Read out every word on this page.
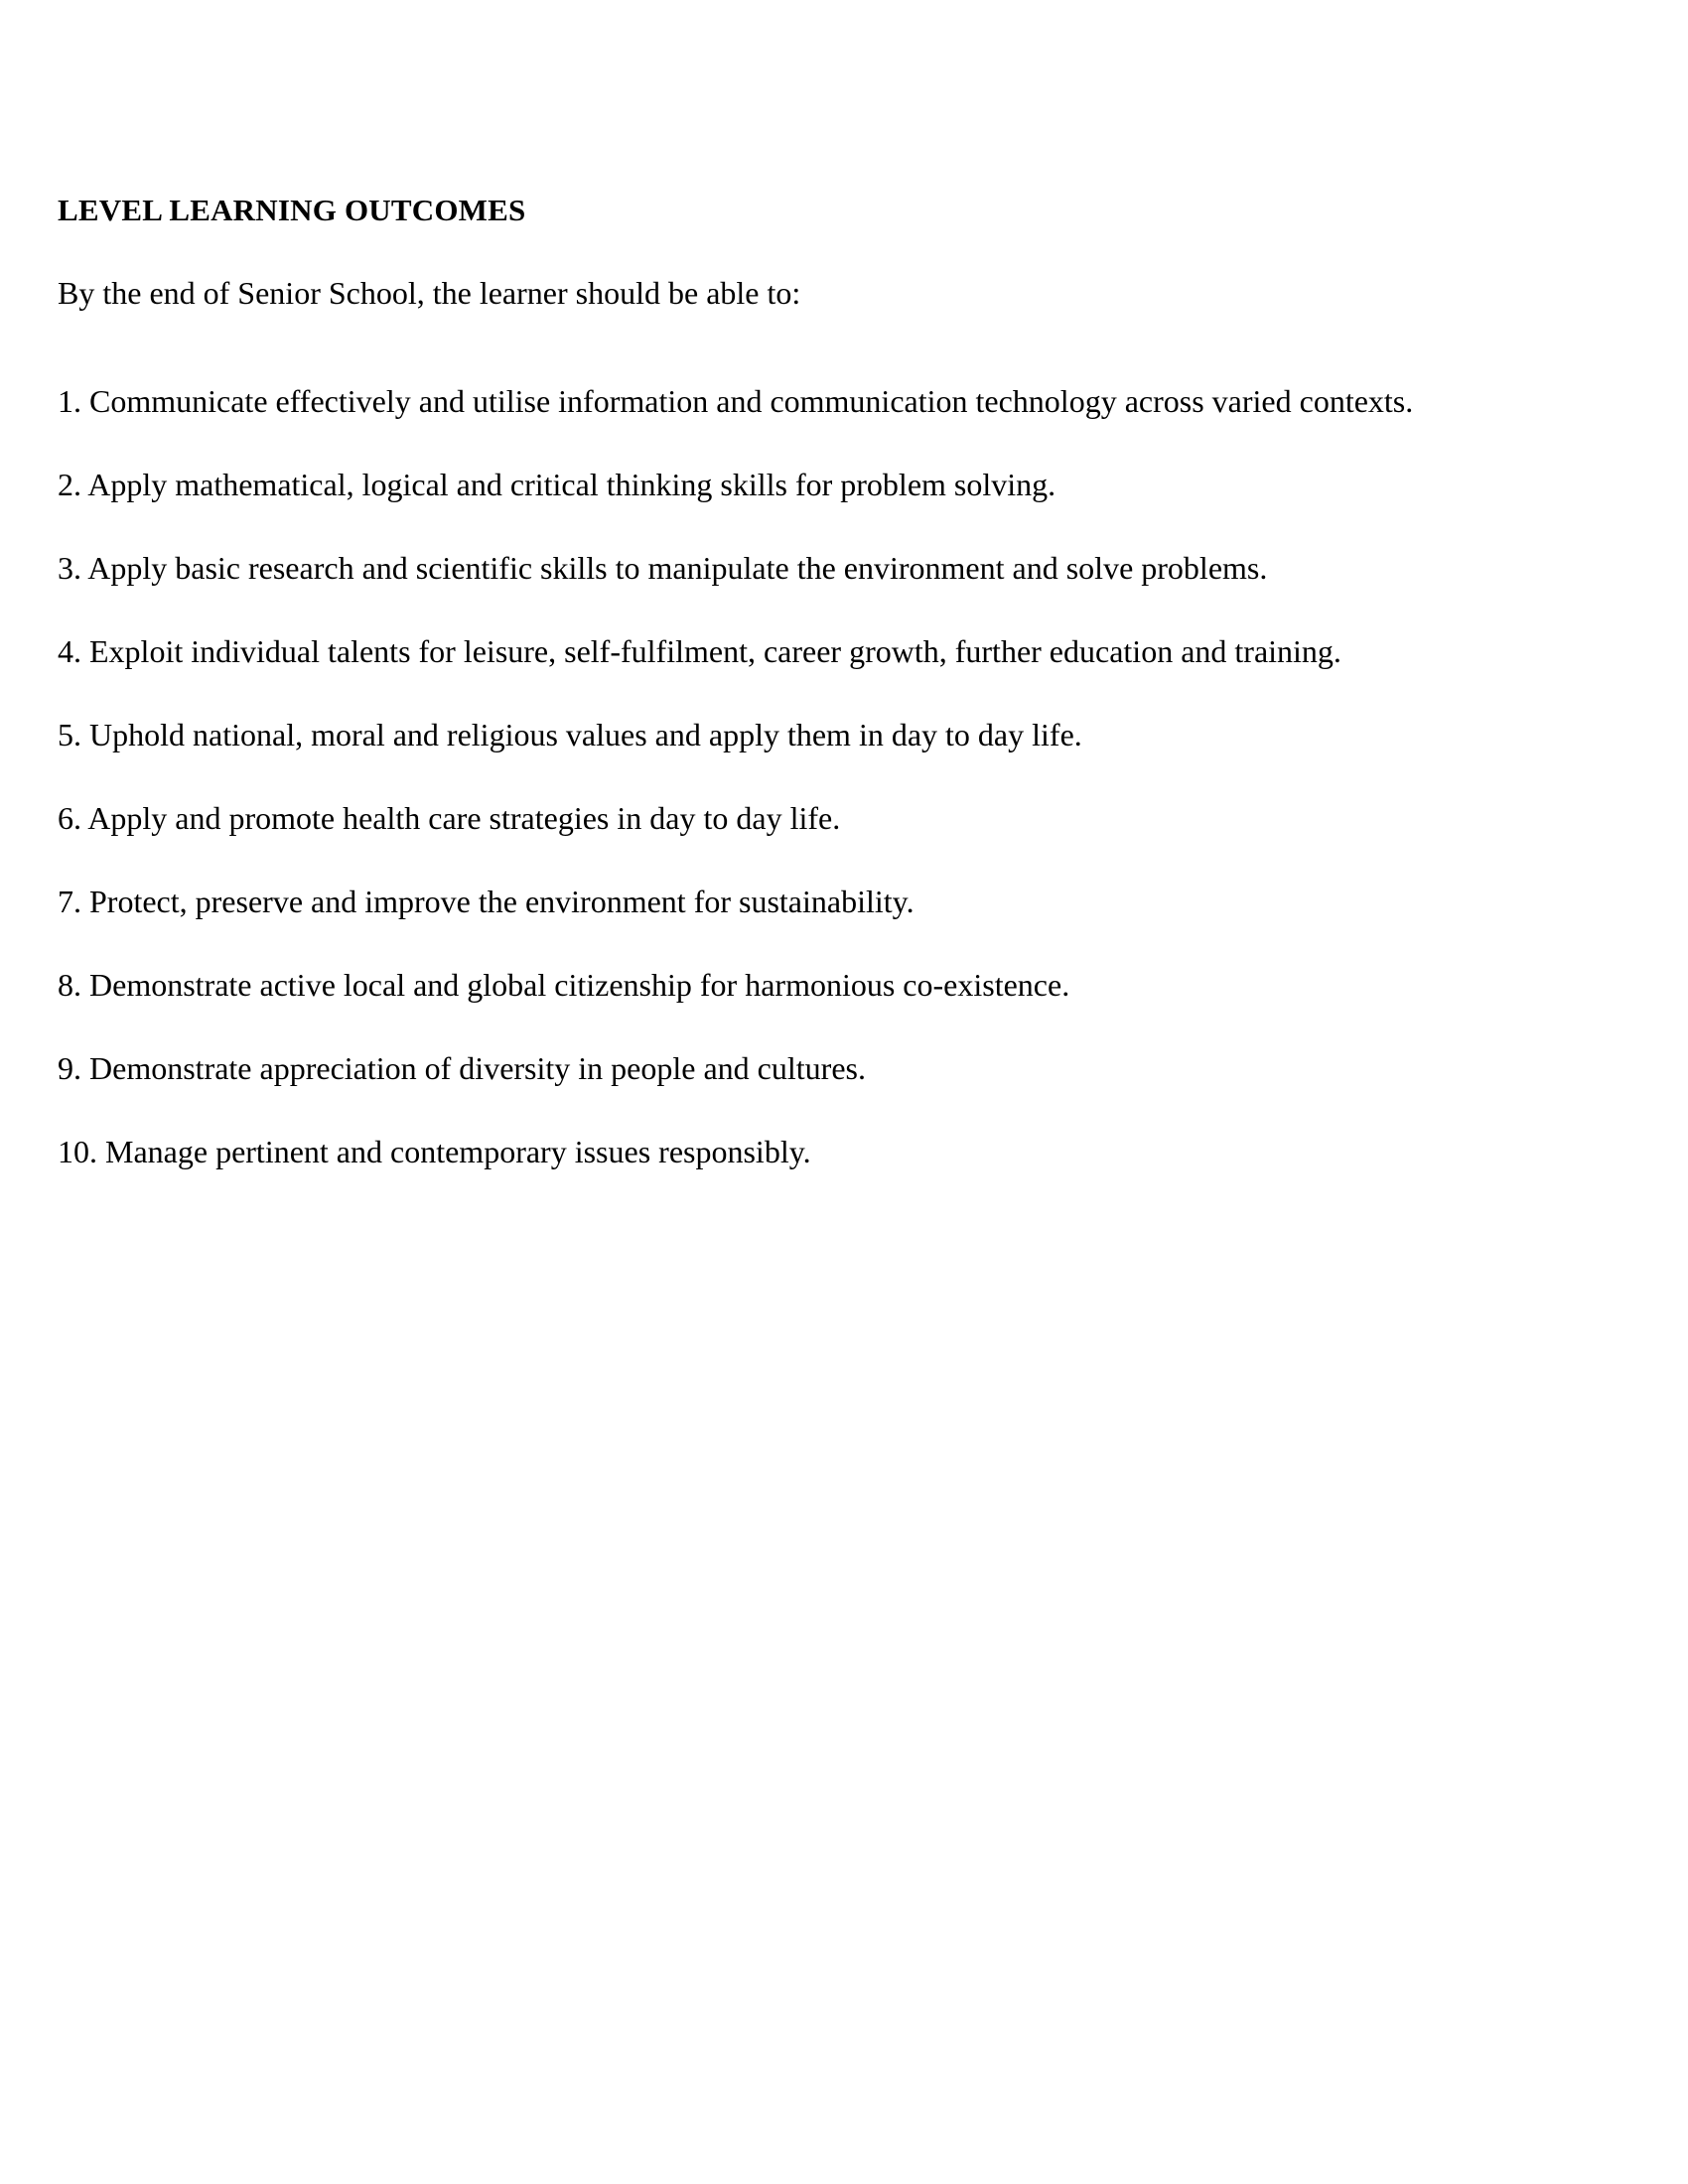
LEVEL LEARNING OUTCOMES

By the end of Senior School, the learner should be able to:

1. Communicate effectively and utilise information and communication technology across varied contexts.
2. Apply mathematical, logical and critical thinking skills for problem solving.
3. Apply basic research and scientific skills to manipulate the environment and solve problems.
4. Exploit individual talents for leisure, self-fulfilment, career growth, further education and training.
5. Uphold national, moral and religious values and apply them in day to day life.
6. Apply and promote health care strategies in day to day life.
7. Protect, preserve and improve the environment for sustainability.
8. Demonstrate active local and global citizenship for harmonious co-existence.
9. Demonstrate appreciation of diversity in people and cultures.
10. Manage pertinent and contemporary issues responsibly.
